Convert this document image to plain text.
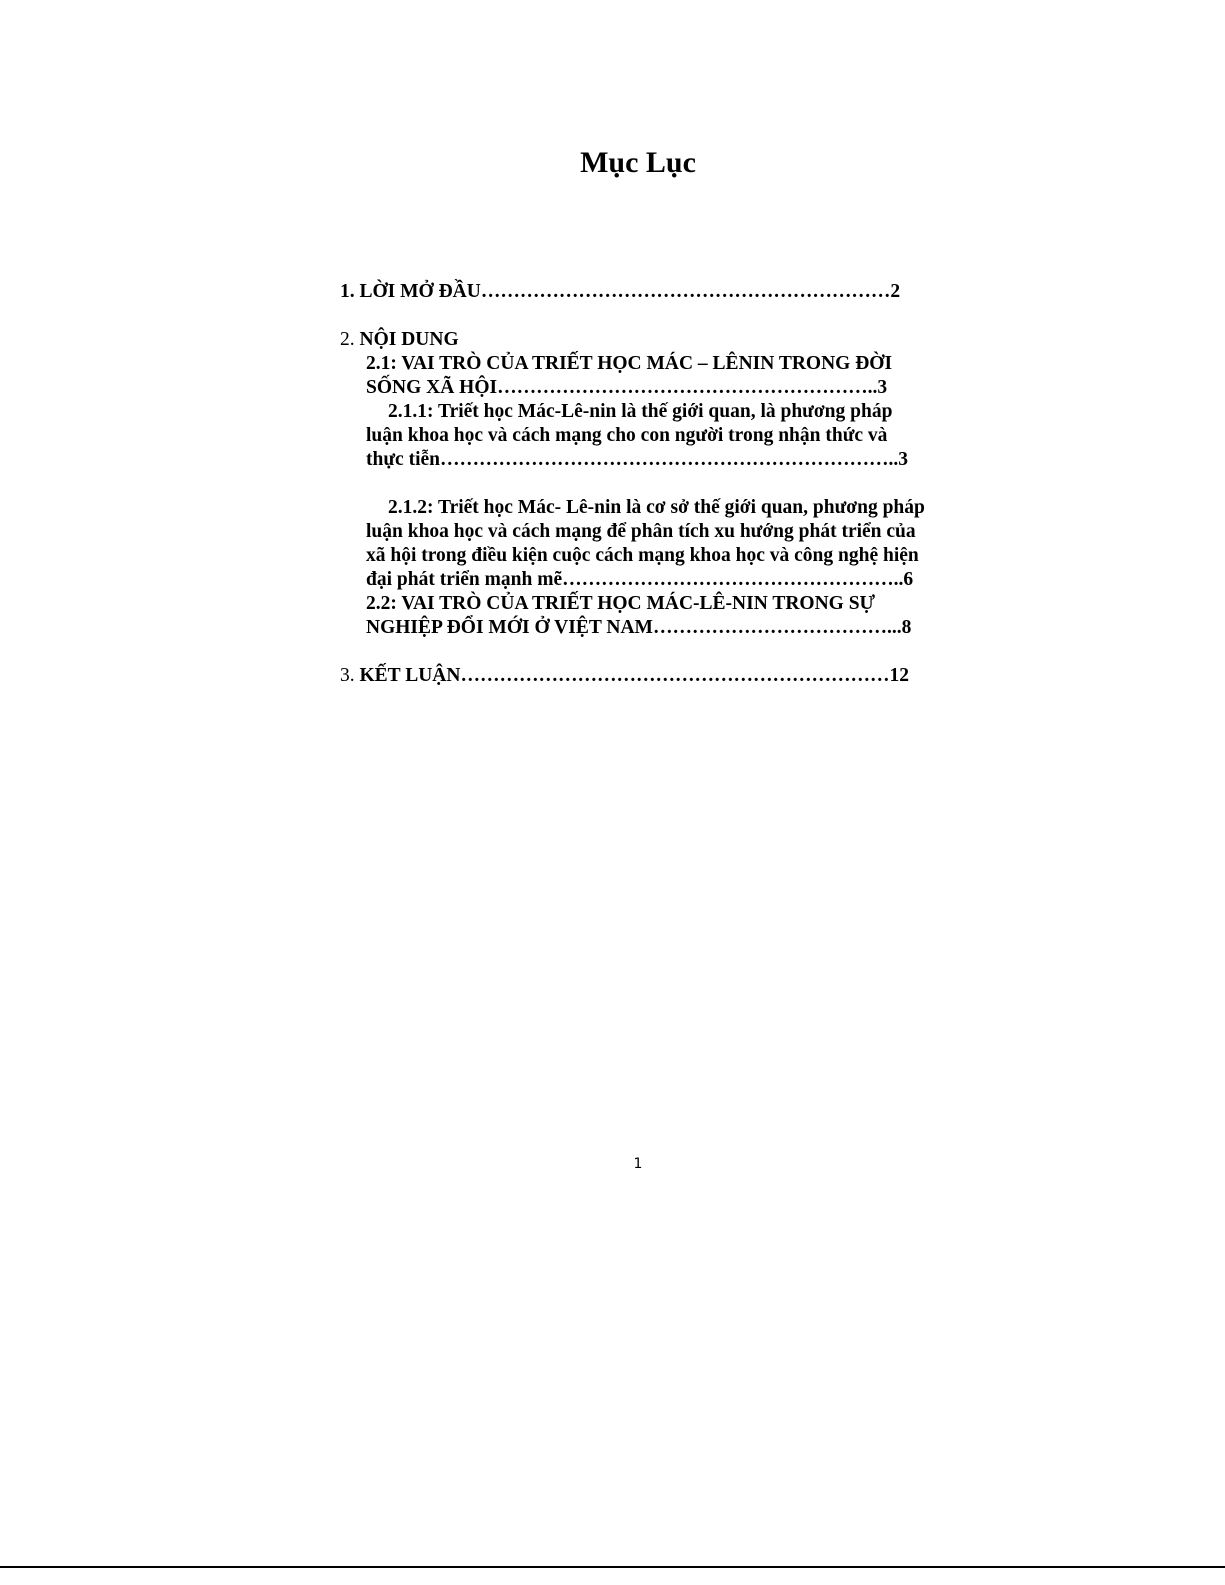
Mục Lục

1. LỜI MỞ ĐẦU………………………………………………………2

2. NỘI DUNG

2.1: VAI TRÒ CỦA TRIẾT HỌC MÁC – LÊNIN TRONG ĐỜI

SỐNG XÃ HỘI…………………………………………………..3

2.1.1: Triết học Mác-Lê-nin là thế giới quan, là phương pháp

luận khoa học và cách mạng cho con người trong nhận thức và

thực tiễn……………………………………………………………..3

2.1.2: Triết học Mác- Lê-nin là cơ sở thế giới quan, phương pháp

luận khoa học và cách mạng để phân tích xu hướng phát triển của

xã hội trong điều kiện cuộc cách mạng khoa học và công nghệ hiện

đại phát triển mạnh mẽ……………………………………………..6

2.2: VAI TRÒ CỦA TRIẾT HỌC MÁC-LÊ-NIN TRONG SỰ

NGHIỆP ĐỔI MỚI Ở VIỆT NAM………………………………...8

3. KẾT LUẬN…………………………………………………………12

1
